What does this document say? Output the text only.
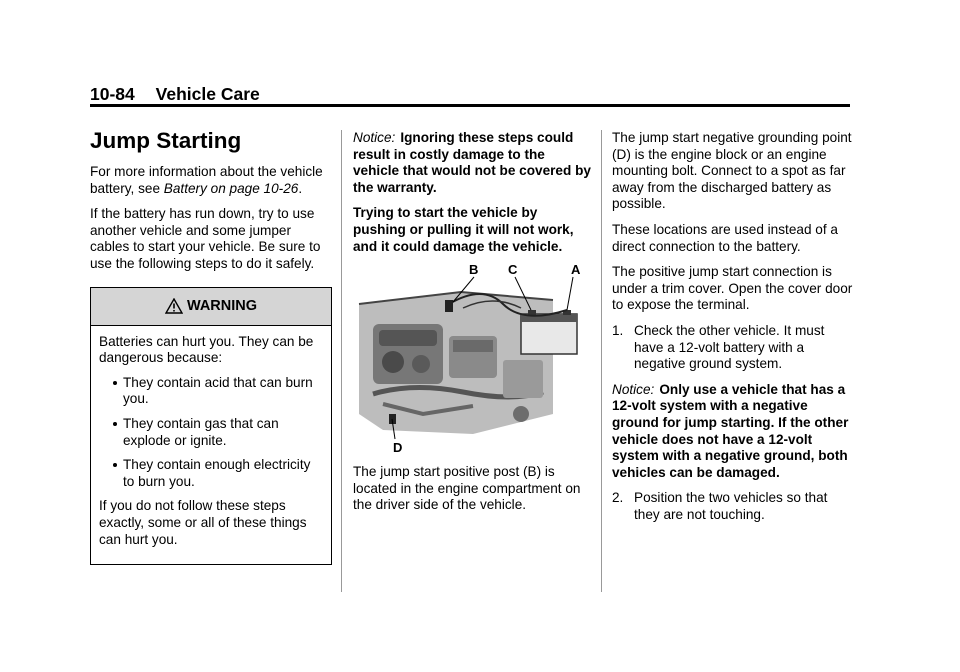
10-84 Vehicle Care
Jump Starting

For more information about the vehicle battery, see Battery on page 10-26.

If the battery has run down, try to use another vehicle and some jumper cables to start your vehicle. Be sure to use the following steps to do it safely.

WARNING

Batteries can hurt you. They can be dangerous because:

They contain acid that can burn you.
They contain gas that can explode or ignite.
They contain enough electricity to burn you.

If you do not follow these steps exactly, some or all of these things can hurt you.

Notice: Ignoring these steps could result in costly damage to the vehicle that would not be covered by the warranty.

Trying to start the vehicle by pushing or pulling it will not work, and it could damage the vehicle.

B C	A
D

The jump start positive post (B) is located in the engine compartment on the driver side of the vehicle.

The jump start negative grounding point (D) is the engine block or an engine mounting bolt. Connect to a spot as far away from the discharged battery as possible.

These locations are used instead of a direct connection to the battery.

The positive jump start connection is under a trim cover. Open the cover door to expose the terminal.

1. Check the other vehicle. It must have a 12-volt battery with a negative ground system.

Notice: Only use a vehicle that has a 12-volt system with a negative ground for jump starting. If the other vehicle does not have a 12-volt system with a negative ground, both vehicles can be damaged.

2. Position the two vehicles so that they are not touching.
